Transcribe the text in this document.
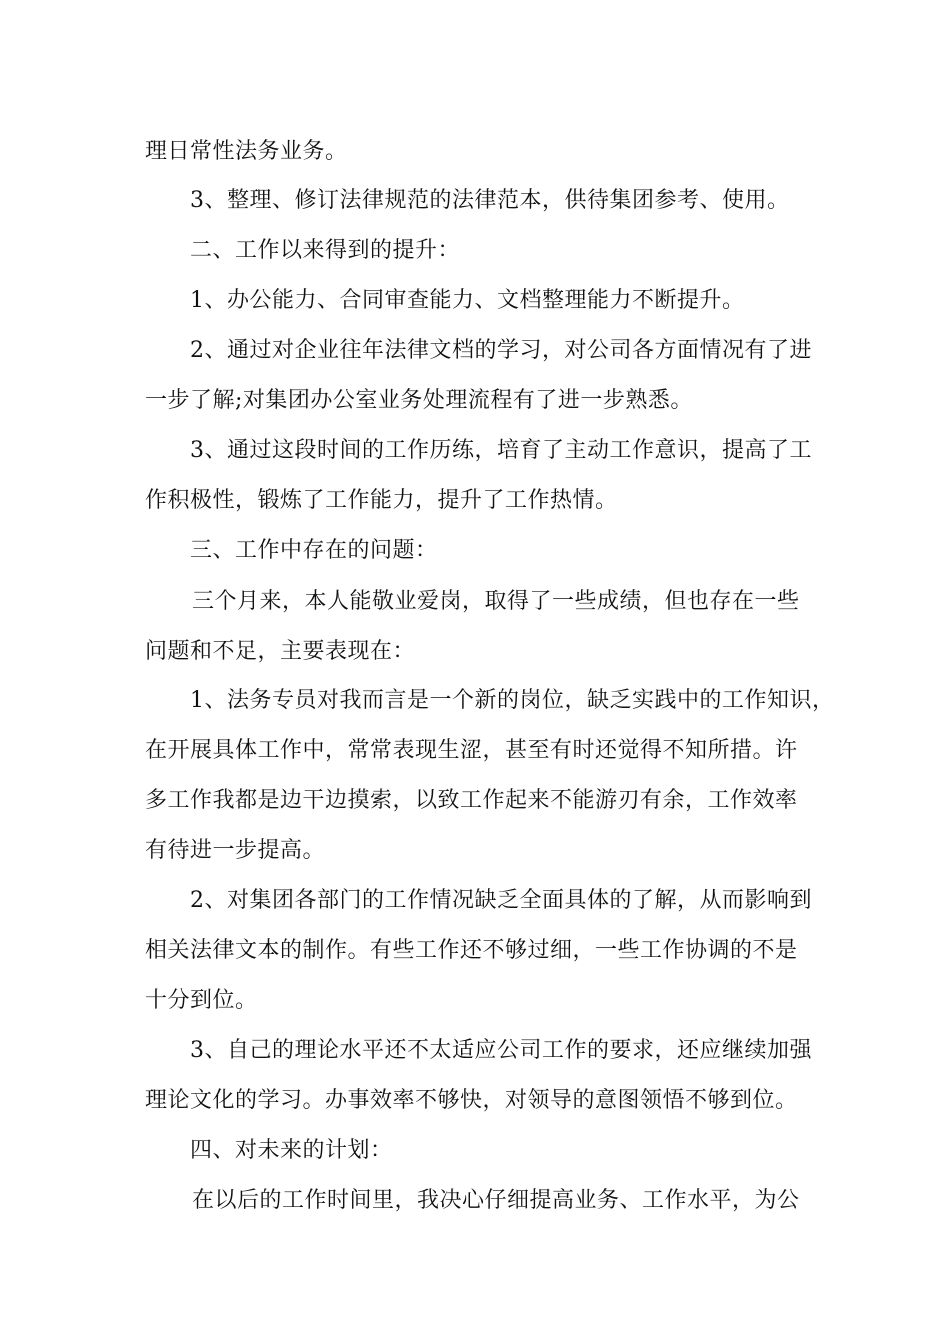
理日常性法务业务。
3、整理、修订法律规范的法律范本，供待集团参考、使用。
二、工作以来得到的提升：
1、办公能力、合同审查能力、文档整理能力不断提升。
2、通过对企业往年法律文档的学习，对公司各方面情况有了进
一步了解;对集团办公室业务处理流程有了进一步熟悉。
3、通过这段时间的工作历练，培育了主动工作意识，提高了工
作积极性，锻炼了工作能力，提升了工作热情。
三、工作中存在的问题：
三个月来，本人能敬业爱岗，取得了一些成绩，但也存在一些
问题和不足，主要表现在：
1、法务专员对我而言是一个新的岗位，缺乏实践中的工作知识，
在开展具体工作中，常常表现生涩，甚至有时还觉得不知所措。许
多工作我都是边干边摸索，以致工作起来不能游刃有余，工作效率
有待进一步提高。
2、对集团各部门的工作情况缺乏全面具体的了解，从而影响到
相关法律文本的制作。有些工作还不够过细，一些工作协调的不是
十分到位。
3、自己的理论水平还不太适应公司工作的要求，还应继续加强
理论文化的学习。办事效率不够快，对领导的意图领悟不够到位。
四、对未来的计划：
在以后的工作时间里，我决心仔细提高业务、工作水平，为公
